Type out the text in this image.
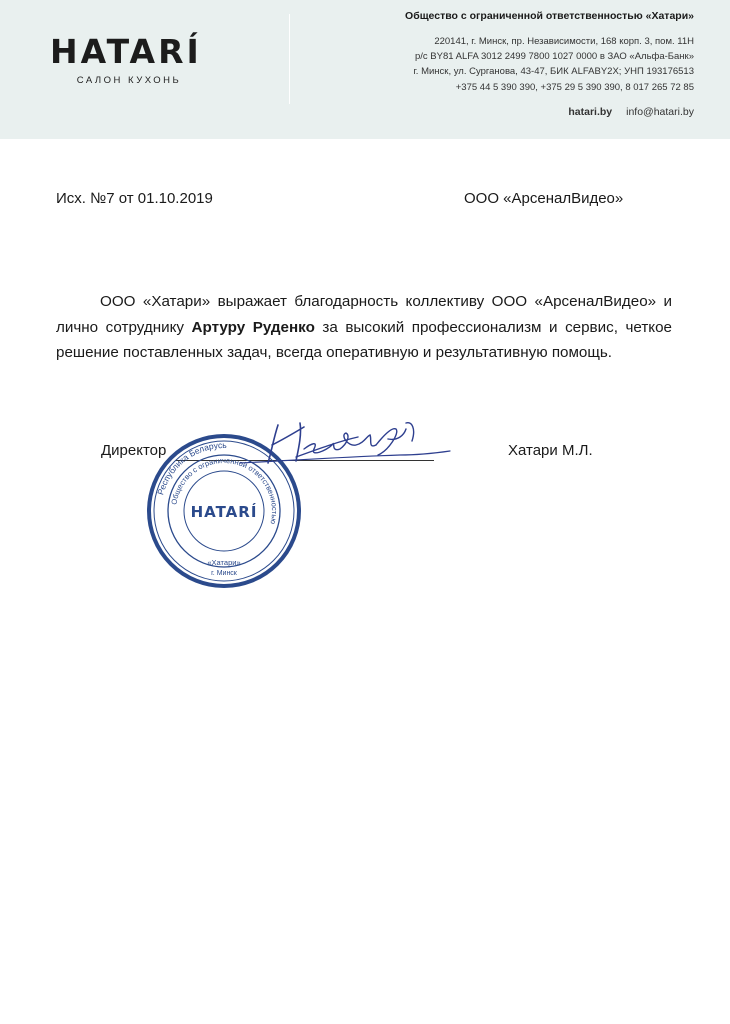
HATARÍ
САЛОН КУХОНЬ
Общество с ограниченной ответственностью «Хатари»
220141, г. Минск, пр. Независимости, 168 корп. 3, пом. 11Н
р/с BY81 ALFA 3012 2499 7800 1027 0000 в ЗАО «Альфа-Банк»
г. Минск, ул. Сурганова, 43-47, БИК ALFABY2X; УНП 193176513
+375 44 5 390 390, +375 29 5 390 390, 8 017 265 72 85
hatari.by info@hatari.by
Исх. №7 от 01.10.2019	ООО «АрсеналВидео»

ООО «Хатари» выражает благодарность коллективу ООО «АрсеналВидео» и лично сотруднику Артуру Руденко за высокий профессионализм и сервис, четкое решение поставленных задач, всегда оперативную и результативную помощь.

Директор	Хатари М.Л.
Республика Беларусь
Общество с ограниченной ответственностью
HATARÍ
«Хатари»
г. Минск
